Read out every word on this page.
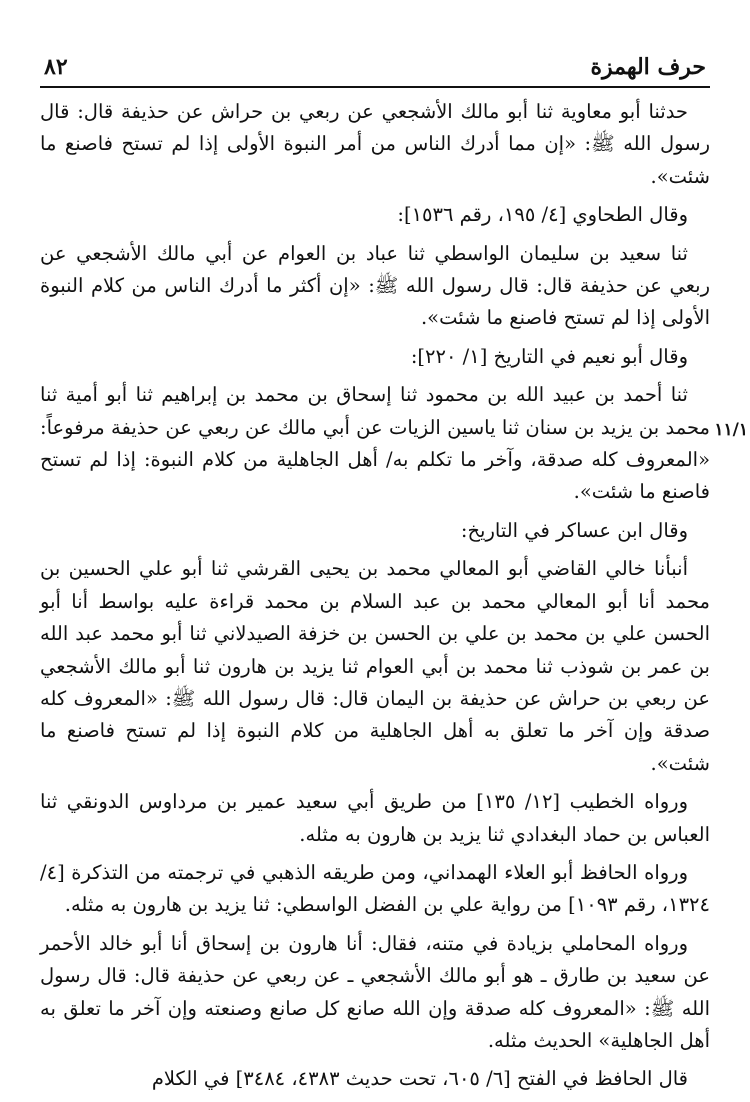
حرف الهمزة
٨٢
١١/١

حدثنا أبو معاوية ثنا أبو مالك الأشجعي عن ربعي بن حراش عن حذيفة قال: قال رسول الله ﷺ: «إن مما أدرك الناس من أمر النبوة الأولى إذا لم تستح فاصنع ما شئت».

وقال الطحاوي [٤/ ١٩٥، رقم ١٥٣٦]:

ثنا سعيد بن سليمان الواسطي ثنا عباد بن العوام عن أبي مالك الأشجعي عن ربعي عن حذيفة قال: قال رسول الله ﷺ: «إن أكثر ما أدرك الناس من كلام النبوة الأولى إذا لم تستح فاصنع ما شئت».

وقال أبو نعيم في التاريخ [١/ ٢٢٠]:

ثنا أحمد بن عبيد الله بن محمود ثنا إسحاق بن محمد بن إبراهيم ثنا أبو أمية ثنا محمد بن يزيد بن سنان ثنا ياسين الزيات عن أبي مالك عن ربعي عن حذيفة مرفوعاً: «المعروف كله صدقة، وآخر ما تكلم به/ أهل الجاهلية من كلام النبوة: إذا لم تستح فاصنع ما شئت».

وقال ابن عساكر في التاريخ:

أنبأنا خالي القاضي أبو المعالي محمد بن يحيى القرشي ثنا أبو علي الحسين بن محمد أنا أبو المعالي محمد بن عبد السلام بن محمد قراءة عليه بواسط أنا أبو الحسن علي بن محمد بن علي بن الحسن بن خزفة الصيدلاني ثنا أبو محمد عبد الله بن عمر بن شوذب ثنا محمد بن أبي العوام ثنا يزيد بن هارون ثنا أبو مالك الأشجعي عن ربعي بن حراش عن حذيفة بن اليمان قال: قال رسول الله ﷺ: «المعروف كله صدقة وإن آخر ما تعلق به أهل الجاهلية من كلام النبوة إذا لم تستح فاصنع ما شئت».

ورواه الخطيب [١٢/ ١٣٥] من طريق أبي سعيد عمير بن مرداوس الدونقي ثنا العباس بن حماد البغدادي ثنا يزيد بن هارون به مثله.

ورواه الحافظ أبو العلاء الهمداني، ومن طريقه الذهبي في ترجمته من التذكرة [٤/ ١٣٢٤، رقم ١٠٩٣] من رواية علي بن الفضل الواسطي: ثنا يزيد بن هارون به مثله.

ورواه المحاملي بزيادة في متنه، فقال: أنا هارون بن إسحاق أنا أبو خالد الأحمر عن سعيد بن طارق ـ هو أبو مالك الأشجعي ـ عن ربعي عن حذيفة قال: قال رسول الله ﷺ: «المعروف كله صدقة وإن الله صانع كل صانع وصنعته وإن آخر ما تعلق به أهل الجاهلية» الحديث مثله.

قال الحافظ في الفتح [٦/ ٦٠٥، تحت حديث ٤٣٨٣، ٣٤٨٤] في الكلام
